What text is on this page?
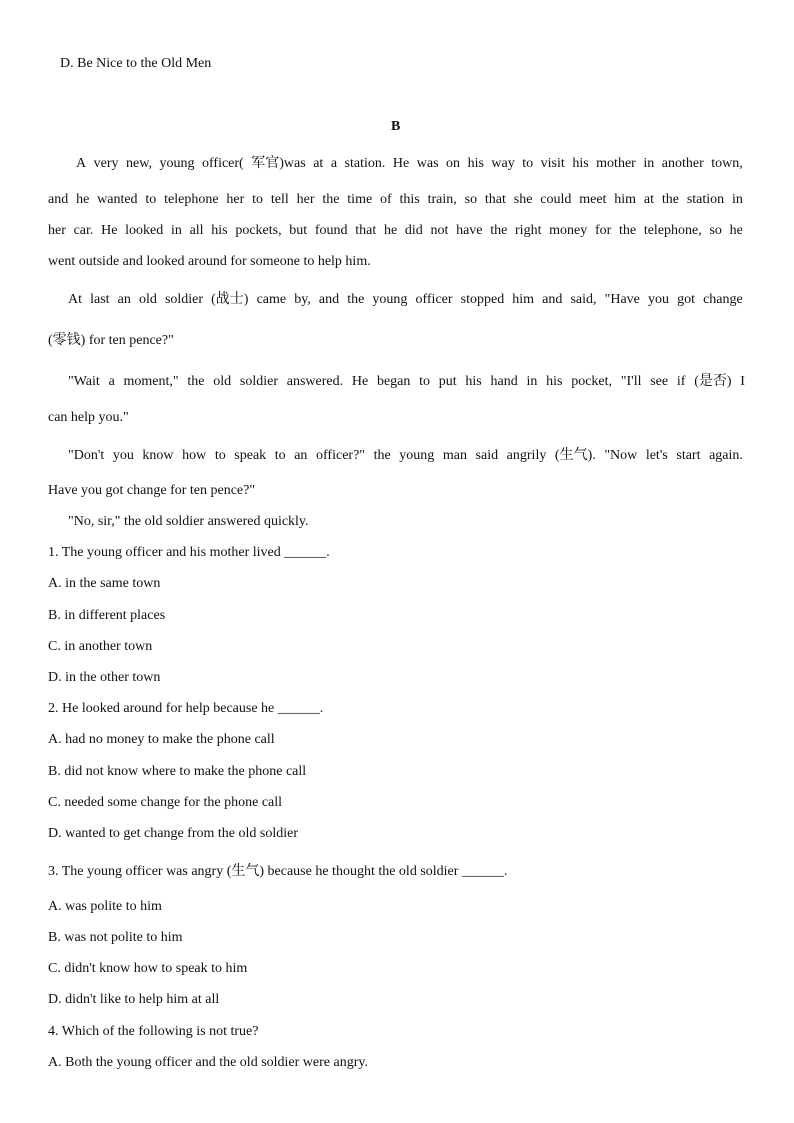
D. Be Nice to the Old Men
B
A very new, young officer( 军官)was at a station. He was on his way to visit his mother in another town,
and he wanted to telephone her to tell her the time of this train, so that she could meet him at the station in
her car. He looked in all his pockets, but found that he did not have the right money for the telephone, so he
went outside and looked around for someone to help him.
At last an old soldier (战士) came by, and the young officer stopped him and said, "Have you got change
(零钱) for ten pence?"
"Wait a moment," the old soldier answered. He began to put his hand in his pocket, "I'll see if (是否) I
can help you."
"Don't you know how to speak to an officer?" the young man said angrily (生气). "Now let's start again.
Have you got change for ten pence?"
"No, sir," the old soldier answered quickly.
1. The young officer and his mother lived ______.
A. in the same town
B. in different places
C. in another town
D. in the other town
2. He looked around for help because he ______.
A. had no money to make the phone call
B. did not know where to make the phone call
C. needed some change for the phone call
D. wanted to get change from the old soldier
3. The young officer was angry (生气) because he thought the old soldier ______.
A. was polite to him
B. was not polite to him
C. didn't know how to speak to him
D. didn't like to help him at all
4. Which of the following is not true?
A. Both the young officer and the old soldier were angry.
